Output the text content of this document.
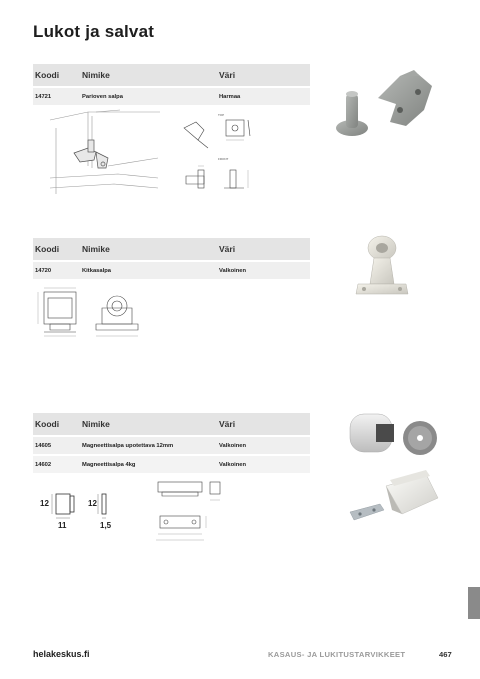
Lukot ja salvat
Koodi	Nimike	Väri
14721	Parioven salpa	Harmaa
TOP
FRONT
Koodi	Nimike	Väri
14720	Kitkasalpa	Valkoinen
Koodi	Nimike	Väri
14605	Magneettisalpa upotettava 12mm	Valkoinen
14602	Magneettisalpa 4kg	Valkoinen
12
11
12
1,5
helakeskus.fi	KASAUS- JA LUKITUSTARVIKKEET	467
